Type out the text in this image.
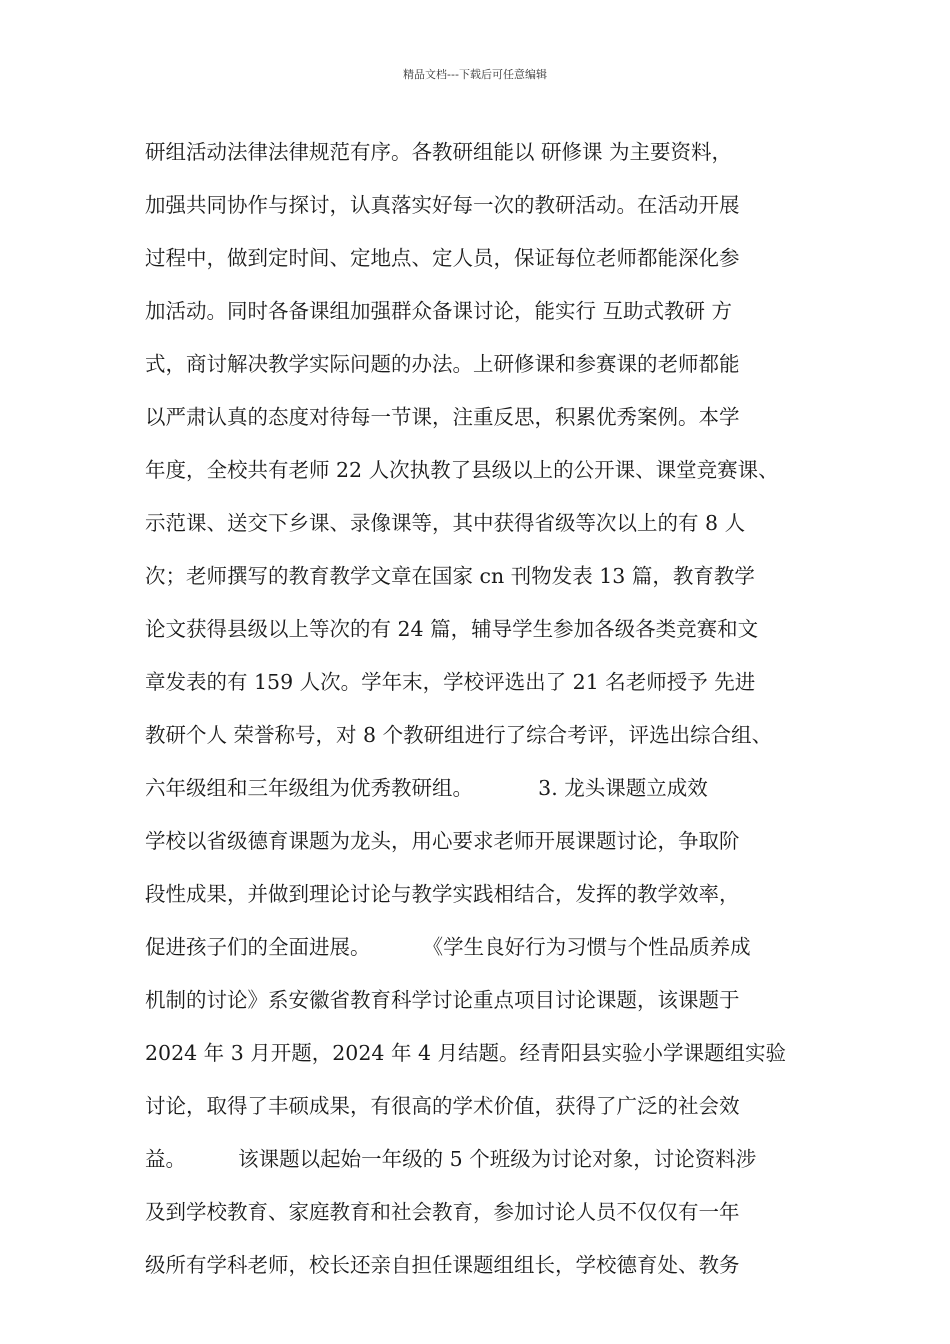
精品文档---下载后可任意编辑
研组活动法律法律规范有序。各教研组能以 研修课 为主要资料，
加强共同协作与探讨，认真落实好每一次的教研活动。在活动开展
过程中，做到定时间、定地点、定人员，保证每位老师都能深化参
加活动。同时各备课组加强群众备课讨论，能实行 互助式教研 方
式，商讨解决教学实际问题的办法。上研修课和参赛课的老师都能
以严肃认真的态度对待每一节课，注重反思，积累优秀案例。本学
年度，全校共有老师 22 人次执教了县级以上的公开课、课堂竞赛课、
示范课、送交下乡课、录像课等，其中获得省级等次以上的有 8 人
次；老师撰写的教育教学文章在国家 cn 刊物发表 13 篇，教育教学
论文获得县级以上等次的有 24 篇，辅导学生参加各级各类竞赛和文
章发表的有 159 人次。学年末，学校评选出了 21 名老师授予 先进
教研个人 荣誉称号，对 8 个教研组进行了综合考评，评选出综合组、
六年级组和三年级组为优秀教研组。          3. 龙头课题立成效
学校以省级德育课题为龙头，用心要求老师开展课题讨论，争取阶
段性成果，并做到理论讨论与教学实践相结合，发挥的教学效率，
促进孩子们的全面进展。        《学生良好行为习惯与个性品质养成
机制的讨论》系安徽省教育科学讨论重点项目讨论课题，该课题于
2024 年 3 月开题，2024 年 4 月结题。经青阳县实验小学课题组实验
讨论，取得了丰硕成果，有很高的学术价值，获得了广泛的社会效
益。        该课题以起始一年级的 5 个班级为讨论对象，讨论资料涉
及到学校教育、家庭教育和社会教育，参加讨论人员不仅仅有一年
级所有学科老师，校长还亲自担任课题组组长，学校德育处、教务
